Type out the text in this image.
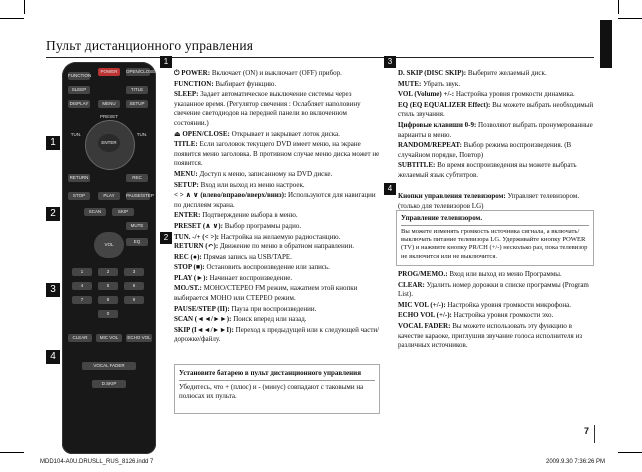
Пульт дистанционного управления
1
2
3
4
FUNCTION
POWER	OPEN/CLOSE
SLEEP	TITLE
DISPLAY	MENU	SETUP
PRESET
TUN.	TUN.
ENTER
RETURN	REC
STOP	PLAY	PAUSE/STEP
SCAN	SKIP
MUTE
VOL
EQ
1	2	3
4	5	6
7	8	9
0
CLEAR	MIC VOL	ECHO VOL
VOCAL FADER
D.SKIP
1

⏻ POWER: Включает (ON) и выключает (OFF) прибор.

FUNCTION: Выбирает функцию.

SLEEP: Задает автоматическое выключение системы через указанное время. (Регулятор свечения : Ослабляет наполовину свечение светодиодов на передней панели во включенном состоянии.)

⏏ OPEN/CLOSE: Открывает и закрывает лоток диска.

TITLE: Если заголовок текущего DVD имеет меню, на экране появится меню заголовка. В противном случае меню диска может не появится.

MENU: Доступ к меню, записанному на DVD диске.

SETUP: Вход или выход из меню настроек.

< > ∧ ∨ (влево/вправо/вверх/вниз): Используются для навигации по дисплеям экрана.

ENTER: Подтверждение выбора в меню.

PRESET (∧ ∨): Выбор программы радио.

TUN. -/+ (< >): Настройка на желаемую радиостанцию.

2

RETURN (↶): Движение по меню в обратном направлении.

REC (●): Прямая запись на USB/TAPE.

STOP (■): Остановить воспроизведение или запись.

PLAY (►): Начинает воспроизведение.

MO./ST.: МОНО/СТЕРЕО FM режим, нажатием этой кнопки выбирается МОНО или СТЕРЕО режим.

PAUSE/STEP (II): Пауза при воспроизведении.

SCAN (◄◄/►►): Поиск вперед или назад.

SKIP (I◄◄/►►I): Переход к предыдущей или к следующей части/дорожке/файлу.

Установите батарею в пульт дистанционного управления
Убедитесь, что + (плюс) и - (минус) совпадают с таковыми на полюсах их пульта.
3

D. SKIP (DISC SKIP): Выберите желаемый диск.

MUTE: Убрать звук.

VOL (Volume) +/-: Настройка уровня громкости динамика.

EQ (EQ EQUALIZER Effect): Вы можете выбрать необходимый стиль звучания.

Цифровые клавиши 0-9: Позволяют выбрать пронумерованные варианты в меню.

RANDOM/REPEAT: Выбор режима воспроизведения. (В случайном порядке, Повтор)

SUBTITLE: Во время воспроизведения вы можете выбрать желаемый язык субтитров.

4

Кнопки управления телевизором: Управляет телевизором. (только для телевизоров LG)

Управление телевизором.
Вы можете изменять громкость источника сигнала, а включать/выключать питание телевизора LG. Удерживайте кнопку POWER (TV) и нажмите кнопку PR/CH (+/-) несколько раз, пока телевизор не включится или не выключится.

PROG/MEMO.: Вход или выход из меню Программы.

CLEAR: Удалить номер дорожки в списке программы (Program List).

MIC VOL (+/-): Настройка уровня громкости микрофона.

ECHO VOL (+/-): Настройка уровня громкости эхо.

VOCAL FADER: Вы можете использовать эту функцию в качестве караоке, приглушив звучание голоса исполнителя из различных источников.

7
MDD104-A0U.DRUSLL_RUS_8126.indd 7	2009.9.30 7:36:26 PM
